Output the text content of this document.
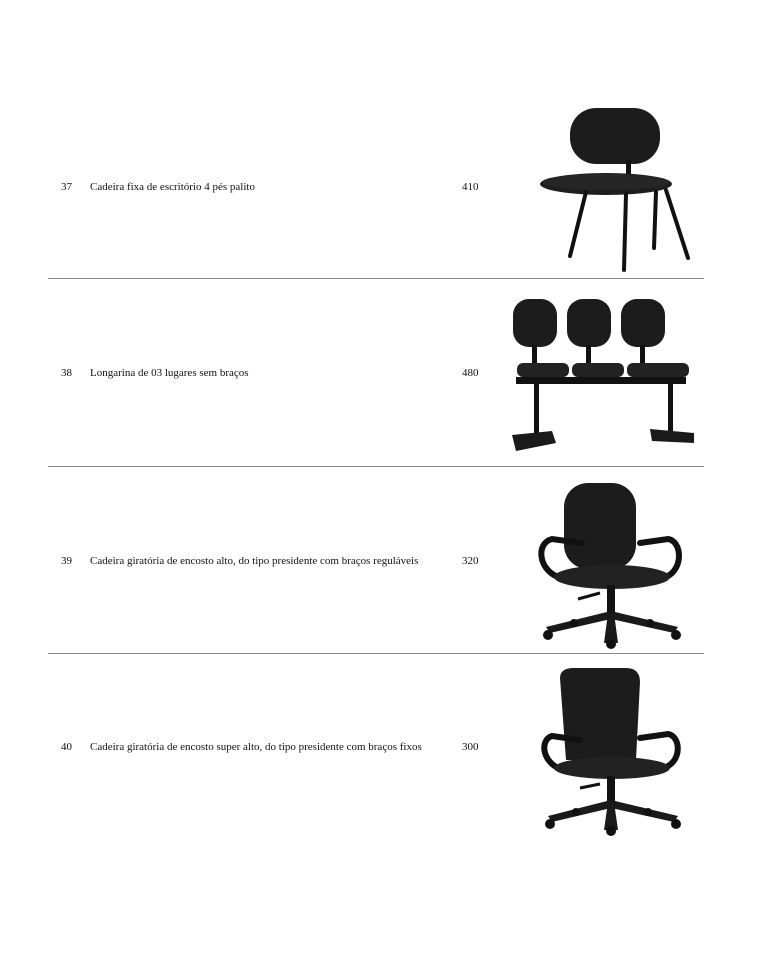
37 Cadeira fixa de escritório 4 pés palito	410
38 Longarina de 03 lugares sem braços	480
39 Cadeira giratória de encosto alto, do tipo presidente com braços reguláveis	320
40 Cadeira giratória de encosto super alto, do tipo presidente com braços fixos	300
